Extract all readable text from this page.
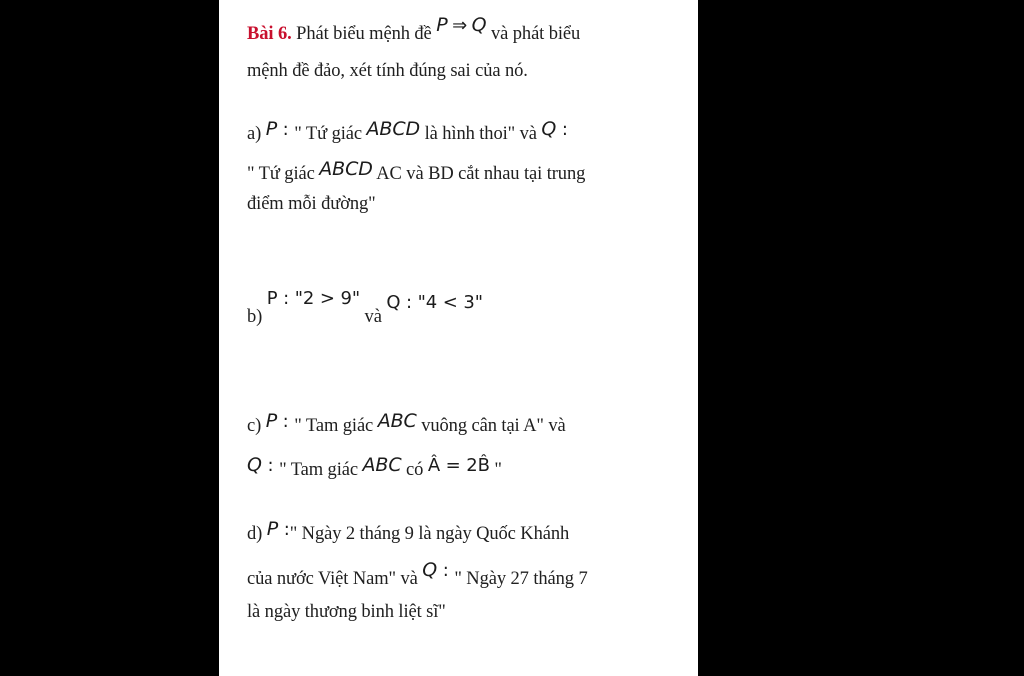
Bài 6. Phát biểu mệnh đề P ⇒ Q và phát biểu
mệnh đề đảo, xét tính đúng sai của nó.
a) P : " Tứ giác ABCD là hình thoi" và Q :
" Tứ giác ABCD AC và BD cắt nhau tại trung
điểm mỗi đường"
b) P : "2 > 9" và Q : "4 < 3"
c) P : " Tam giác ABC vuông cân tại A" và
Q : " Tam giác ABC có Â = 2B̂ "
d) P :" Ngày 2 tháng 9 là ngày Quốc Khánh
của nước Việt Nam" và Q : " Ngày 27 tháng 7
là ngày thương binh liệt sĩ"
